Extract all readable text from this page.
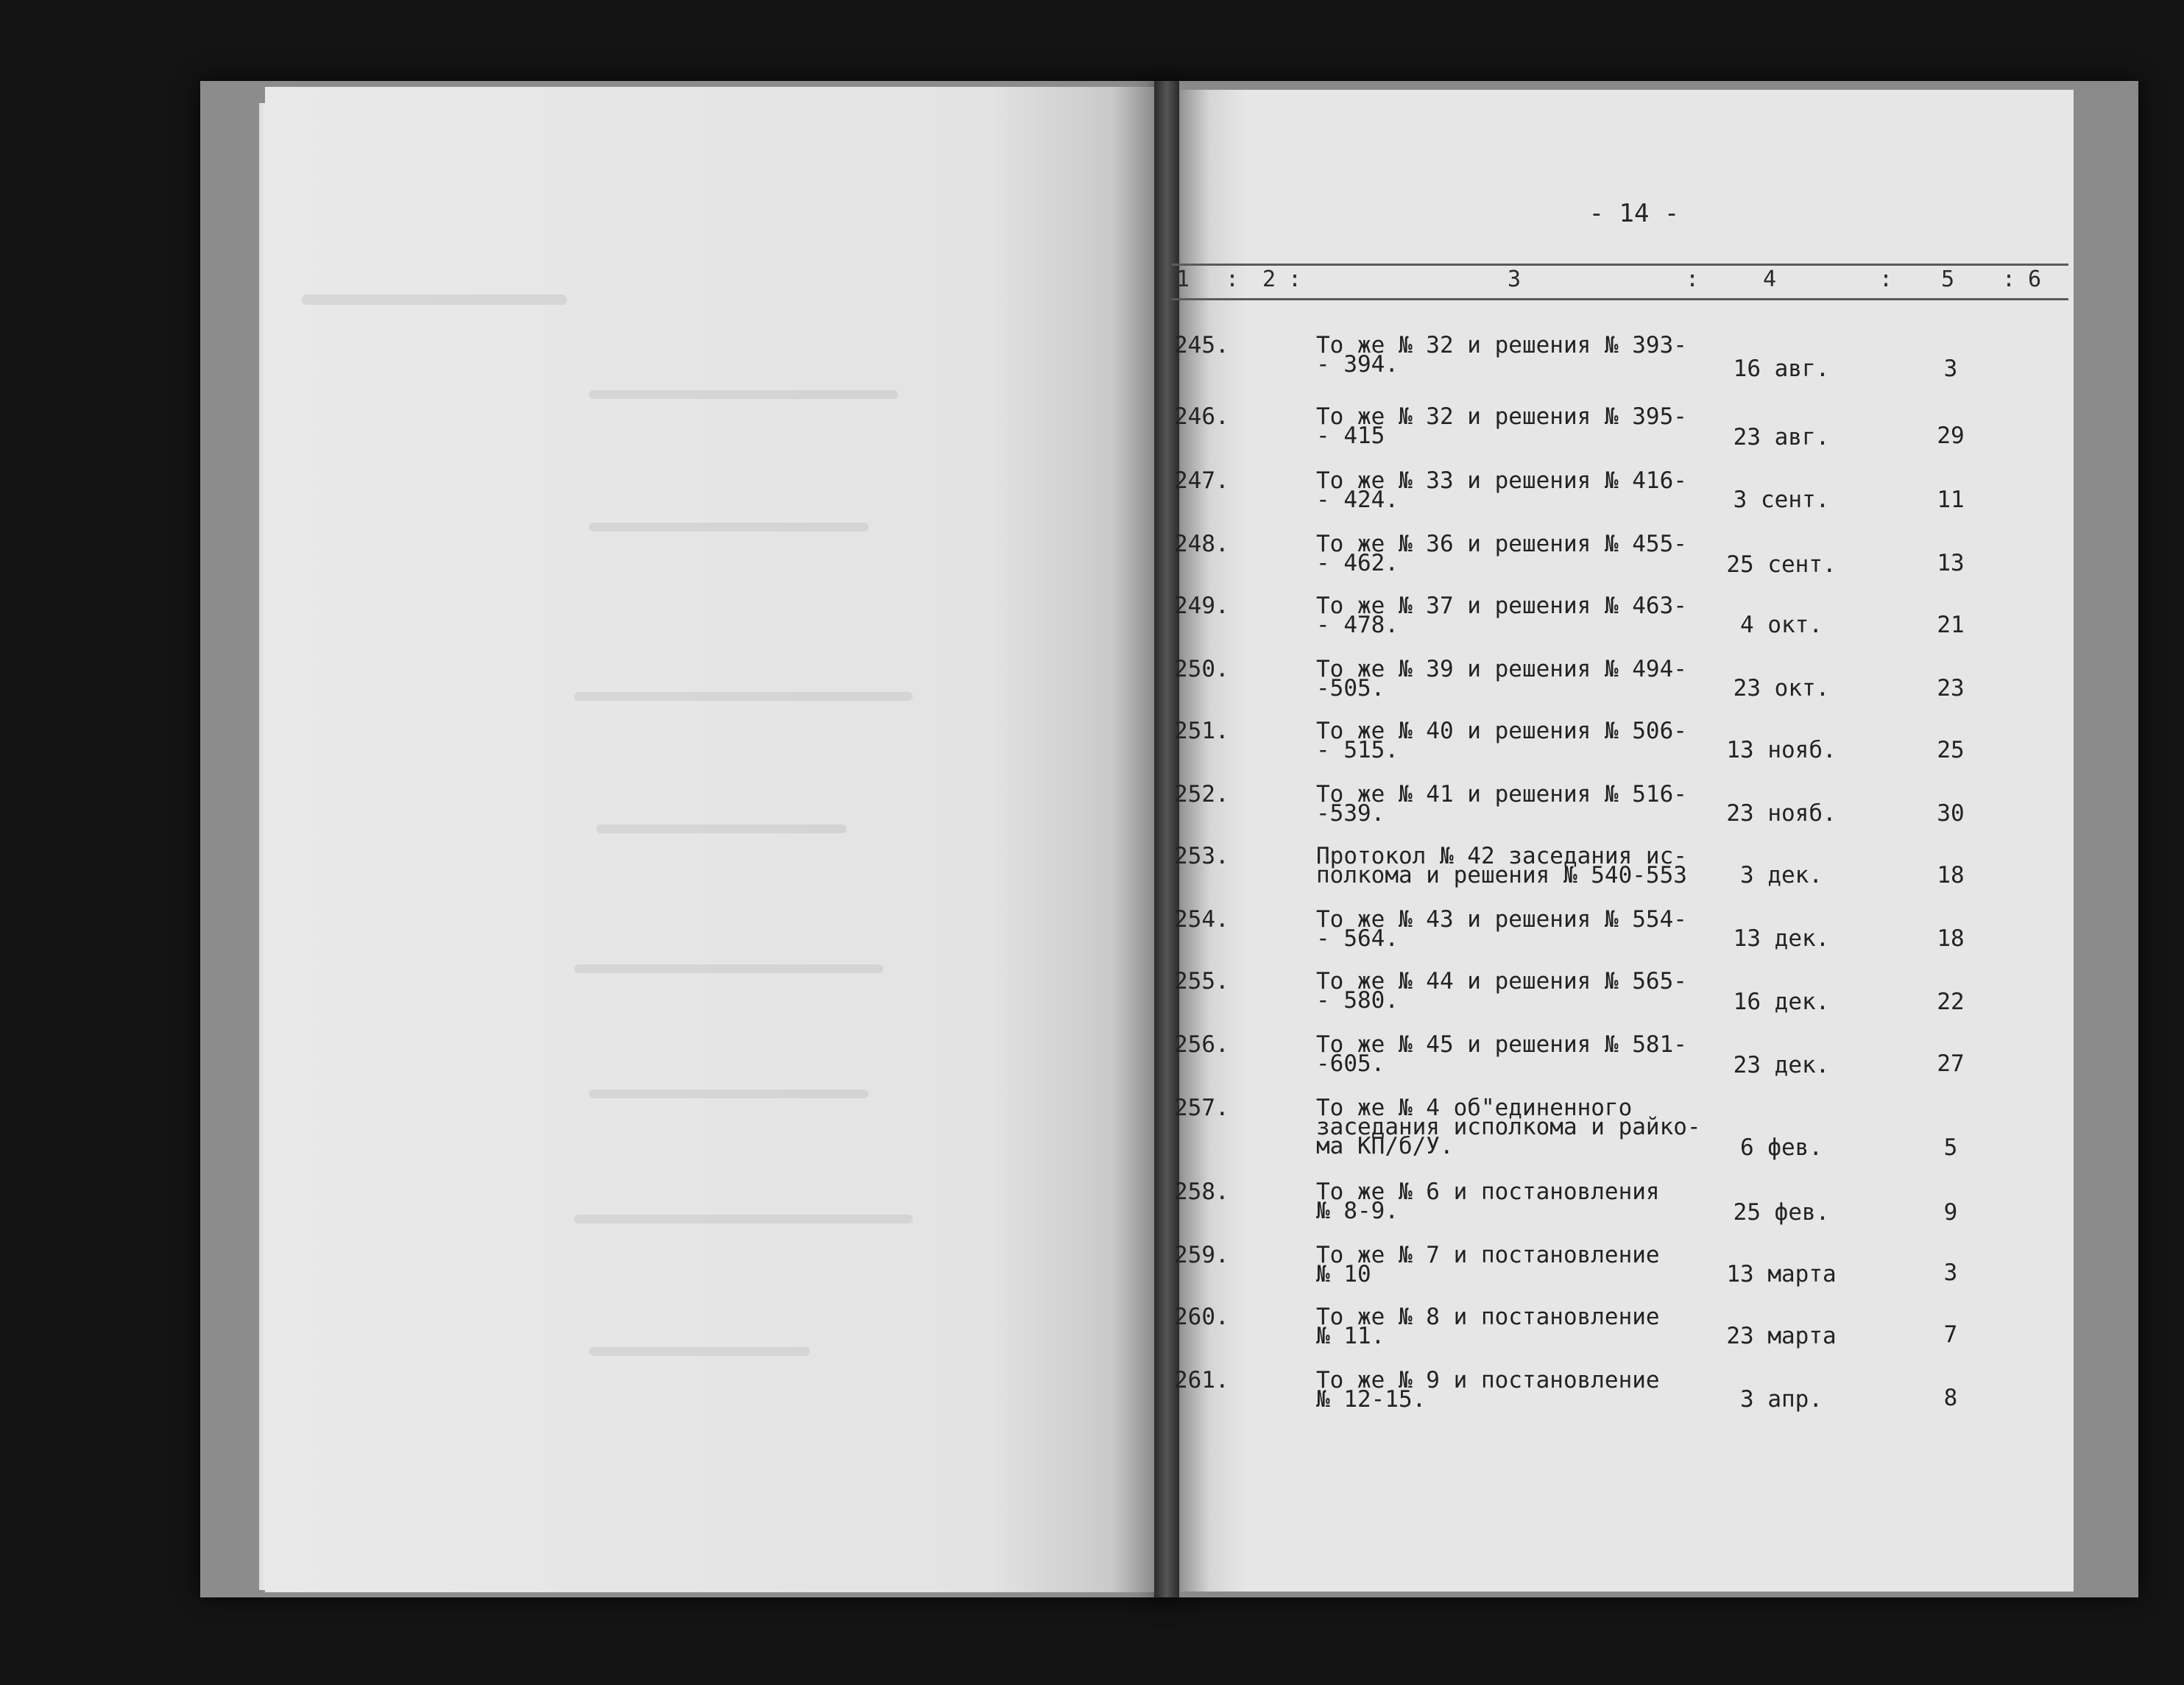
- 14 -
1 : 2 :	3	:	4	: 5 : 6
245.	То же № 32 и решения № 393-
- 394.	16 авг.	3
246.	То же № 32 и решения № 395-
- 415	23 авг.	29
247.	То же № 33 и решения № 416-
- 424.	3 сент.	11
248.	То же № 36 и решения № 455-
- 462.	25 сент.	13
249.	То же № 37 и решения № 463-
- 478.	4 окт.	21
250.	То же № 39 и решения № 494-
-505.	23 окт.	23
251.	То же № 40 и решения № 506-
- 515.	13 нояб.	25
252.	То же № 41 и решения № 516-
-539.	23 нояб.	30
253.	Протокол № 42 заседания ис-
полкома и решения № 540-553	3 дек.	18
254.	То же № 43 и решения № 554-
- 564.	13 дек.	18
255.	То же № 44 и решения № 565-
- 580.	16 дек.	22
256.	То же № 45 и решения № 581-
-605.	23 дек.	27
257.	То же № 4 об"единенного
заседания исполкома и райко-
ма КП/б/У.	6 фев.	5
258.	То же № 6 и постановления
№ 8-9.	25 фев.	9
259.	То же № 7 и постановление
№ 10	13 марта	3
260.	То же № 8 и постановление
№ 11.	23 марта	7
261.	То же № 9 и постановление
№ 12-15.	3 апр.	8
